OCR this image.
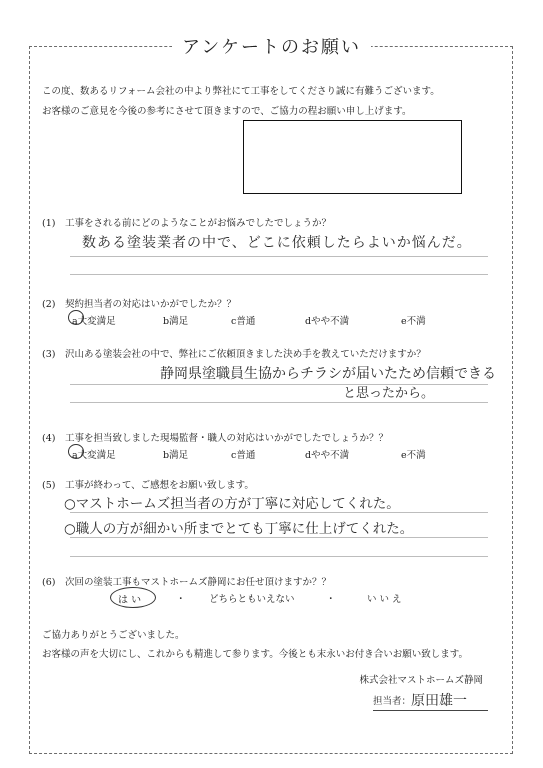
アンケートのお願い
この度、数あるリフォーム会社の中より弊社にて工事をしてくださり誠に有難うございます。
お客様のご意見を今後の参考にさせて頂きますので、ご協力の程お願い申し上げます。
(1)　工事をされる前にどのようなことがお悩みでしたでしょうか？
数ある塗装業者の中で、どこに依頼したらよいか悩んだ。
(2)　契約担当者の対応はいかがでしたか？？
a大変満足	b満足	c普通	dやや不満	e不満
(3)　沢山ある塗装会社の中で、弊社にご依頼頂きました決め手を教えていただけますか？
静岡県塗職員生協からチラシが届いたため信頼できる
と思ったから。
(4)　工事を担当致しました現場監督・職人の対応はいかがでしたでしょうか？？
a大変満足	b満足	c普通	dやや不満	e不満
(5)　工事が終わって、ご感想をお願い致します。
○マストホームズ担当者の方が丁寧に対応してくれた。
○職人の方が細かい所までとても丁寧に仕上げてくれた。
(6)　次回の塗装工事もマストホームズ静岡にお任せ頂けますか？？
は い	・ どちらともいえない	・	い い え
ご協力ありがとうございました。
お客様の声を大切にし、これからも精進して参ります。今後とも末永いお付き合いお願い致します。
株式会社マストホームズ静岡
担当者： 原田雄一
